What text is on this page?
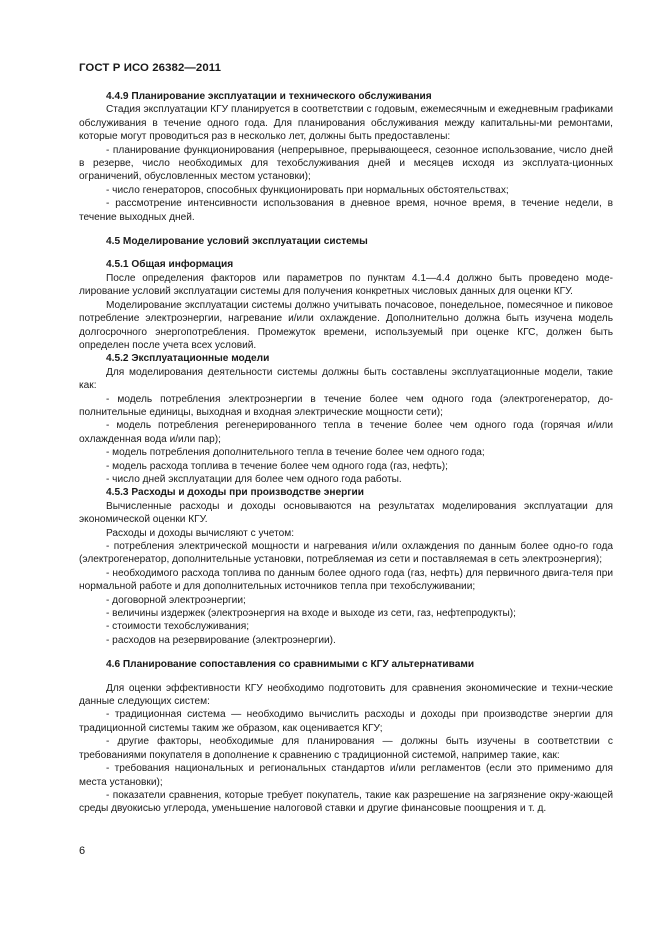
ГОСТ Р ИСО 26382—2011
4.4.9 Планирование эксплуатации и технического обслуживания
Стадия эксплуатации КГУ планируется в соответствии с годовым, ежемесячным и ежедневным графиками обслуживания в течение одного года. Для планирования обслуживания между капитальны-ми ремонтами, которые могут проводиться раз в несколько лет, должны быть предоставлены:
- планирование функционирования (непрерывное, прерывающееся, сезонное использование, число дней в резерве, число необходимых для техобслуживания дней и месяцев исходя из эксплуата-ционных ограничений, обусловленных местом установки);
- число генераторов, способных функционировать при нормальных обстоятельствах;
- рассмотрение интенсивности использования в дневное время, ночное время, в течение недели, в течение выходных дней.
4.5 Моделирование условий эксплуатации системы
4.5.1 Общая информация
После определения факторов или параметров по пунктам 4.1—4.4 должно быть проведено моде-лирование условий эксплуатации системы для получения конкретных числовых данных для оценки КГУ.
Моделирование эксплуатации системы должно учитывать почасовое, понедельное, помесячное и пиковое потребление электроэнергии, нагревание и/или охлаждение. Дополнительно должна быть изучена модель долгосрочного энергопотребления. Промежуток времени, используемый при оценке КГС, должен быть определен после учета всех условий.
4.5.2 Эксплуатационные модели
Для моделирования деятельности системы должны быть составлены эксплуатационные модели, такие как:
- модель потребления электроэнергии в течение более чем одного года (электрогенератор, до-полнительные единицы, выходная и входная электрические мощности сети);
- модель потребления регенерированного тепла в течение более чем одного года (горячая и/или охлажденная вода и/или пар);
- модель потребления дополнительного тепла в течение более чем одного года;
- модель расхода топлива в течение более чем одного года (газ, нефть);
- число дней эксплуатации для более чем одного года работы.
4.5.3 Расходы и доходы при производстве энергии
Вычисленные расходы и доходы основываются на результатах моделирования эксплуатации для экономической оценки КГУ.
Расходы и доходы вычисляют с учетом:
- потребления электрической мощности и нагревания и/или охлаждения по данным более одно-го года (электрогенератор, дополнительные установки, потребляемая из сети и поставляемая в сеть электроэнергия);
- необходимого расхода топлива по данным более одного года (газ, нефть) для первичного двига-теля при нормальной работе и для дополнительных источников тепла при техобслуживании;
- договорной электроэнергии;
- величины издержек (электроэнергия на входе и выходе из сети, газ, нефтепродукты);
- стоимости техобслуживания;
- расходов на резервирование (электроэнергии).
4.6 Планирование сопоставления со сравнимыми с КГУ альтернативами
Для оценки эффективности КГУ необходимо подготовить для сравнения экономические и техни-ческие данные следующих систем:
- традиционная система — необходимо вычислить расходы и доходы при производстве энергии для традиционной системы таким же образом, как оценивается КГУ;
- другие факторы, необходимые для планирования — должны быть изучены в соответствии с требованиями покупателя в дополнение к сравнению с традиционной системой, например такие, как:
- требования национальных и региональных стандартов и/или регламентов (если это применимо для места установки);
- показатели сравнения, которые требует покупатель, такие как разрешение на загрязнение окру-жающей среды двуокисью углерода, уменьшение налоговой ставки и другие финансовые поощрения и т. д.
6
